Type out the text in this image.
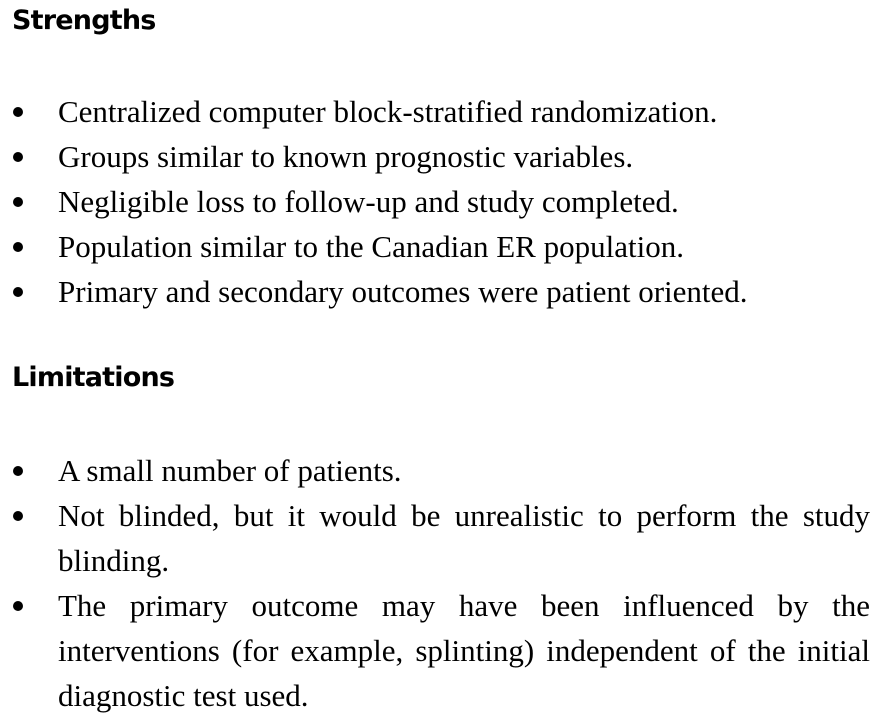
Strengths
Centralized computer block-stratified randomization.
Groups similar to known prognostic variables.
Negligible loss to follow-up and study completed.
Population similar to the Canadian ER population.
Primary and secondary outcomes were patient oriented.
Limitations
A small number of patients.
Not blinded, but it would be unrealistic to perform the study blinding.
The primary outcome may have been influenced by the interventions (for example, splinting) independent of the initial diagnostic test used.
